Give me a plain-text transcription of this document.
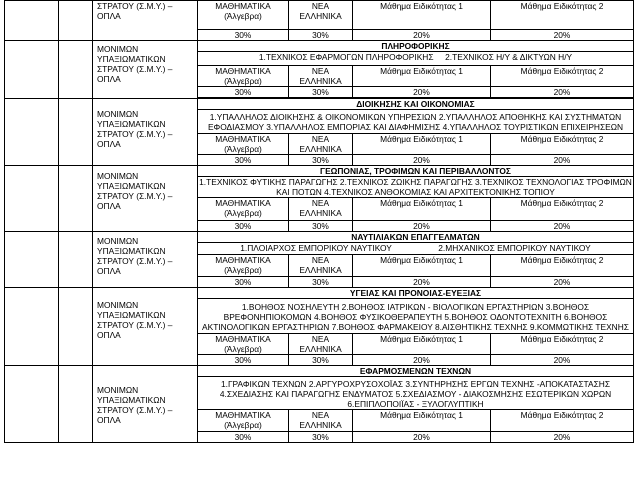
		ΣΤΡΑΤΟΥ (Σ.Μ.Υ.) –
ΟΠΛΑ	ΜΑΘΗΜΑΤΙΚΑ (Άλγεβρα)	ΝΕΑ ΕΛΛΗΝΙΚΑ	Μάθημα Ειδικότητας 1	Μάθημα Ειδικότητας 2
			30%	30%	20%	20%

		ΜΟΝΙΜΩΝ
ΥΠΑΞΙΩΜΑΤΙΚΩΝ
ΣΤΡΑΤΟΥ (Σ.Μ.Υ.) –
ΟΠΛΑ	ΠΛΗΡΟΦΟΡΙΚΗΣ			

			1.ΤΕΧΝΙΚΟΣ ΕΦΑΡΜΟΓΩΝ ΠΛΗΡΟΦΟΡΙΚΗΣ     2.ΤΕΧΝΙΚΟΣ Η/Υ & ΔΙΚΤΥΩΝ Η/Υ			

			ΜΑΘΗΜΑΤΙΚΑ (Άλγεβρα)	ΝΕΑ ΕΛΛΗΝΙΚΑ	Μάθημα Ειδικότητας 1	Μάθημα Ειδικότητας 2
			30%	30%	20%	20%

		ΜΟΝΙΜΩΝ
ΥΠΑΞΙΩΜΑΤΙΚΩΝ
ΣΤΡΑΤΟΥ (Σ.Μ.Υ.) –
ΟΠΛΑ	ΔΙΟΙΚΗΣΗΣ ΚΑΙ ΟΙΚΟΝΟΜΙΑΣ			

			1.ΥΠΑΛΛΗΛΟΣ ΔΙΟΙΚΗΣΗΣ & ΟΙΚΟΝΟΜΙΚΩΝ ΥΠΗΡΕΣΙΩΝ 2.ΥΠΑΛΛΗΛΟΣ ΑΠΟΘΗΚΗΣ ΚΑΙ ΣΥΣΤΗΜΑΤΩΝ
ΕΦΟΔΙΑΣΜΟΥ 3.ΥΠΑΛΛΗΛΟΣ ΕΜΠΟΡΙΑΣ ΚΑΙ ΔΙΑΦΗΜΙΣΗΣ 4.ΥΠΑΛΛΗΛΟΣ ΤΟΥΡΙΣΤΙΚΩΝ ΕΠΙΧΕΙΡΗΣΕΩΝ			

			ΜΑΘΗΜΑΤΙΚΑ (Άλγεβρα)	ΝΕΑ ΕΛΛΗΝΙΚΑ	Μάθημα Ειδικότητας 1	Μάθημα Ειδικότητας 2
			30%	30%	20%	20%

		ΜΟΝΙΜΩΝ
ΥΠΑΞΙΩΜΑΤΙΚΩΝ
ΣΤΡΑΤΟΥ (Σ.Μ.Υ.) –
ΟΠΛΑ	ΓΕΩΠΟΝΙΑΣ, ΤΡΟΦΙΜΩΝ ΚΑΙ ΠΕΡΙΒΑΛΛΟΝΤΟΣ			

			1.ΤΕΧΝΙΚΟΣ ΦΥΤΙΚΗΣ ΠΑΡΑΓΩΓΗΣ 2.ΤΕΧΝΙΚΟΣ ΖΩΙΚΗΣ ΠΑΡΑΓΩΓΗΣ 3.ΤΕΧΝΙΚΟΣ ΤΕΧΝΟΛΟΓΙΑΣ ΤΡΟΦΙΜΩΝ
ΚΑΙ ΠΟΤΩΝ 4.ΤΕΧΝΙΚΟΣ ΑΝΘΟΚΟΜΙΑΣ ΚΑΙ ΑΡΧΙΤΕΚΤΟΝΙΚΗΣ ΤΟΠΙΟΥ			

			ΜΑΘΗΜΑΤΙΚΑ (Άλγεβρα)	ΝΕΑ ΕΛΛΗΝΙΚΑ	Μάθημα Ειδικότητας 1	Μάθημα Ειδικότητας 2
			30%	30%	20%	20%

		ΜΟΝΙΜΩΝ
ΥΠΑΞΙΩΜΑΤΙΚΩΝ
ΣΤΡΑΤΟΥ (Σ.Μ.Υ.) –
ΟΠΛΑ	ΝΑΥΤΙΛΙΑΚΩΝ ΕΠΑΓΓΕΛΜΑΤΩΝ			

			1.ΠΛΟΙΑΡΧΟΣ ΕΜΠΟΡΙΚΟΥ ΝΑΥΤΙΚΟΥ                    2.ΜΗΧΑΝΙΚΟΣ ΕΜΠΟΡΙΚΟΥ ΝΑΥΤΙΚΟΥ			

			ΜΑΘΗΜΑΤΙΚΑ (Άλγεβρα)	ΝΕΑ ΕΛΛΗΝΙΚΑ	Μάθημα Ειδικότητας 1	Μάθημα Ειδικότητας 2
			30%	30%	20%	20%

		ΜΟΝΙΜΩΝ
ΥΠΑΞΙΩΜΑΤΙΚΩΝ
ΣΤΡΑΤΟΥ (Σ.Μ.Υ.) –
ΟΠΛΑ	ΥΓΕΙΑΣ ΚΑΙ ΠΡΟΝΟΙΑΣ-ΕΥΕΞΙΑΣ			

			1.ΒΟΗΘΟΣ ΝΟΣΗΛΕΥΤΗ 2.ΒΟΗΘΟΣ ΙΑΤΡΙΚΩΝ - ΒΙΟΛΟΓΙΚΩΝ ΕΡΓΑΣΤΗΡΙΩΝ 3.ΒΟΗΘΟΣ
ΒΡΕΦΟΝΗΠΙΟΚΟΜΩΝ 4.ΒΟΗΘΟΣ ΦΥΣΙΚΟΘΕΡΑΠΕΥΤΗ 5.ΒΟΗΘΟΣ ΟΔΟΝΤΟΤΕΧΝΙΤΗ 6.ΒΟΗΘΟΣ
ΑΚΤΙΝΟΛΟΓΙΚΩΝ ΕΡΓΑΣΤΗΡΙΩΝ 7.ΒΟΗΘΟΣ ΦΑΡΜΑΚΕΙΟΥ 8.ΑΙΣΘΗΤΙΚΗΣ ΤΕΧΝΗΣ 9.ΚΟΜΜΩΤΙΚΗΣ ΤΕΧΝΗΣ			

			ΜΑΘΗΜΑΤΙΚΑ (Άλγεβρα)	ΝΕΑ ΕΛΛΗΝΙΚΑ	Μάθημα Ειδικότητας 1	Μάθημα Ειδικότητας 2
			30%	30%	20%	20%

		ΜΟΝΙΜΩΝ
ΥΠΑΞΙΩΜΑΤΙΚΩΝ
ΣΤΡΑΤΟΥ (Σ.Μ.Υ.) –
ΟΠΛΑ	ΕΦΑΡΜΟΣΜΕΝΩΝ ΤΕΧΝΩΝ			

			1.ΓΡΑΦΙΚΩΝ ΤΕΧΝΩΝ 2.ΑΡΓΥΡΟΧΡΥΣΟΧΟΪΑΣ 3.ΣΥΝΤΗΡΗΣΗΣ ΕΡΓΩΝ ΤΕΧΝΗΣ -ΑΠΟΚΑΤΑΣΤΑΣΗΣ
4.ΣΧΕΔΙΑΣΗΣ ΚΑΙ ΠΑΡΑΓΩΓΗΣ ΕΝΔΥΜΑΤΟΣ 5.ΣΧΕΔΙΑΣΜΟΥ - ΔΙΑΚΟΣΜΗΣΗΣ ΕΣΩΤΕΡΙΚΩΝ ΧΩΡΩΝ
6.ΕΠΙΠΛΟΠΟΙΪΑΣ - ΞΥΛΟΓΛΥΠΤΙΚΗ			

			ΜΑΘΗΜΑΤΙΚΑ (Άλγεβρα)	ΝΕΑ ΕΛΛΗΝΙΚΑ	Μάθημα Ειδικότητας 1	Μάθημα Ειδικότητας 2
			30%	30%	20%	20%
